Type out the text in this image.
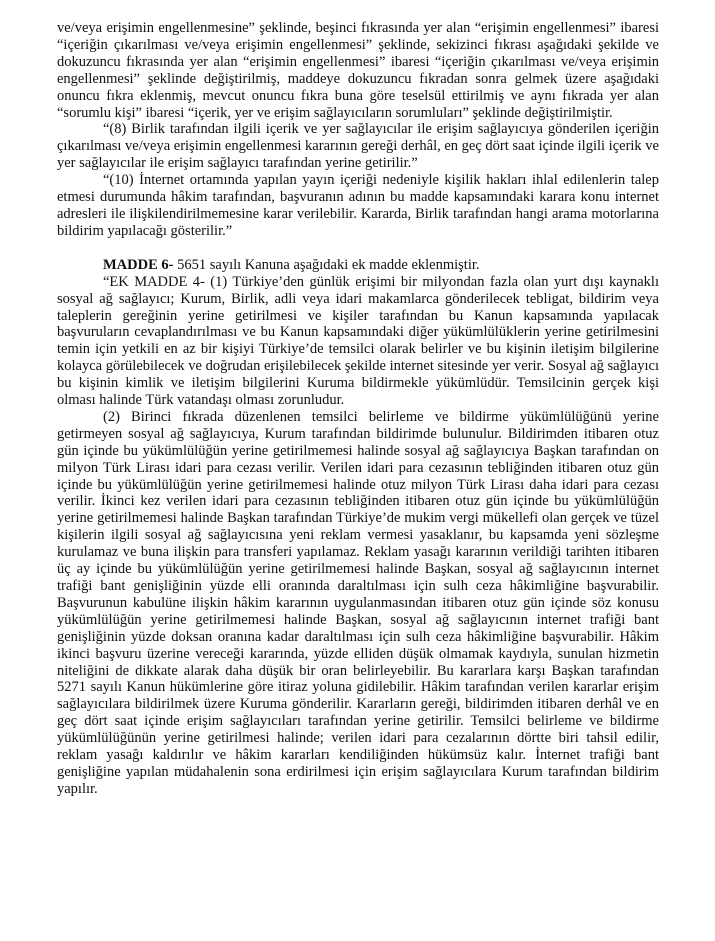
ve/veya erişimin engellenmesine” şeklinde, beşinci fıkrasında yer alan “erişimin engellenmesi” ibaresi “içeriğin çıkarılması ve/veya erişimin engellenmesi” şeklinde, sekizinci fıkrası aşağıdaki şekilde ve dokuzuncu fıkrasında yer alan “erişimin engellenmesi” ibaresi “içeriğin çıkarılması ve/veya erişimin engellenmesi” şeklinde değiştirilmiş, maddeye dokuzuncu fıkradan sonra gelmek üzere aşağıdaki onuncu fıkra eklenmiş, mevcut onuncu fıkra buna göre teselsül ettirilmiş ve aynı fıkrada yer alan “sorumlu kişi” ibaresi “içerik, yer ve erişim sağlayıcıların sorumluları” şeklinde değiştirilmiştir.

“(8) Birlik tarafından ilgili içerik ve yer sağlayıcılar ile erişim sağlayıcıya gönderilen içeriğin çıkarılması ve/veya erişimin engellenmesi kararının gereği derhâl, en geç dört saat içinde ilgili içerik ve yer sağlayıcılar ile erişim sağlayıcı tarafından yerine getirilir.”

“(10) İnternet ortamında yapılan yayın içeriği nedeniyle kişilik hakları ihlal edilenlerin talep etmesi durumunda hâkim tarafından, başvuranın adının bu madde kapsamındaki karara konu internet adresleri ile ilişkilendirilmemesine karar verilebilir. Kararda, Birlik tarafından hangi arama motorlarına bildirim yapılacağı gösterilir.”

MADDE 6- 5651 sayılı Kanuna aşağıdaki ek madde eklenmiştir.

“EK MADDE 4- (1) Türkiye’den günlük erişimi bir milyondan fazla olan yurt dışı kaynaklı sosyal ağ sağlayıcı; Kurum, Birlik, adli veya idari makamlarca gönderilecek tebligat, bildirim veya taleplerin gereğinin yerine getirilmesi ve kişiler tarafından bu Kanun kapsamında yapılacak başvuruların cevaplandırılması ve bu Kanun kapsamındaki diğer yükümlülüklerin yerine getirilmesini temin için yetkili en az bir kişiyi Türkiye’de temsilci olarak belirler ve bu kişinin iletişim bilgilerine kolayca görülebilecek ve doğrudan erişilebilecek şekilde internet sitesinde yer verir. Sosyal ağ sağlayıcı bu kişinin kimlik ve iletişim bilgilerini Kuruma bildirmekle yükümlüdür. Temsilcinin gerçek kişi olması halinde Türk vatandaşı olması zorunludur.

(2) Birinci fıkrada düzenlenen temsilci belirleme ve bildirme yükümlülüğünü yerine getirmeyen sosyal ağ sağlayıcıya, Kurum tarafından bildirimde bulunulur. Bildirimden itibaren otuz gün içinde bu yükümlülüğün yerine getirilmemesi halinde sosyal ağ sağlayıcıya Başkan tarafından on milyon Türk Lirası idari para cezası verilir. Verilen idari para cezasının tebliğinden itibaren otuz gün içinde bu yükümlülüğün yerine getirilmemesi halinde otuz milyon Türk Lirası daha idari para cezası verilir. İkinci kez verilen idari para cezasının tebliğinden itibaren otuz gün içinde bu yükümlülüğün yerine getirilmemesi halinde Başkan tarafından Türkiye’de mukim vergi mükellefi olan gerçek ve tüzel kişilerin ilgili sosyal ağ sağlayıcısına yeni reklam vermesi yasaklanır, bu kapsamda yeni sözleşme kurulamaz ve buna ilişkin para transferi yapılamaz. Reklam yasağı kararının verildiği tarihten itibaren üç ay içinde bu yükümlülüğün yerine getirilmemesi halinde Başkan, sosyal ağ sağlayıcının internet trafiği bant genişliğinin yüzde elli oranında daraltılması için sulh ceza hâkimliğine başvurabilir. Başvurunun kabulüne ilişkin hâkim kararının uygulanmasından itibaren otuz gün içinde söz konusu yükümlülüğün yerine getirilmemesi halinde Başkan, sosyal ağ sağlayıcının internet trafiği bant genişliğinin yüzde doksan oranına kadar daraltılması için sulh ceza hâkimliğine başvurabilir. Hâkim ikinci başvuru üzerine vereceği kararında, yüzde elliden düşük olmamak kaydıyla, sunulan hizmetin niteliğini de dikkate alarak daha düşük bir oran belirleyebilir. Bu kararlara karşı Başkan tarafından 5271 sayılı Kanun hükümlerine göre itiraz yoluna gidilebilir. Hâkim tarafından verilen kararlar erişim sağlayıcılara bildirilmek üzere Kuruma gönderilir. Kararların gereği, bildirimden itibaren derhâl ve en geç dört saat içinde erişim sağlayıcıları tarafından yerine getirilir. Temsilci belirleme ve bildirme yükümlülüğünün yerine getirilmesi halinde; verilen idari para cezalarının dörtte biri tahsil edilir, reklam yasağı kaldırılır ve hâkim kararları kendiliğinden hükümsüz kalır. İnternet trafiği bant genişliğine yapılan müdahalenin sona erdirilmesi için erişim sağlayıcılara Kurum tarafından bildirim yapılır.
